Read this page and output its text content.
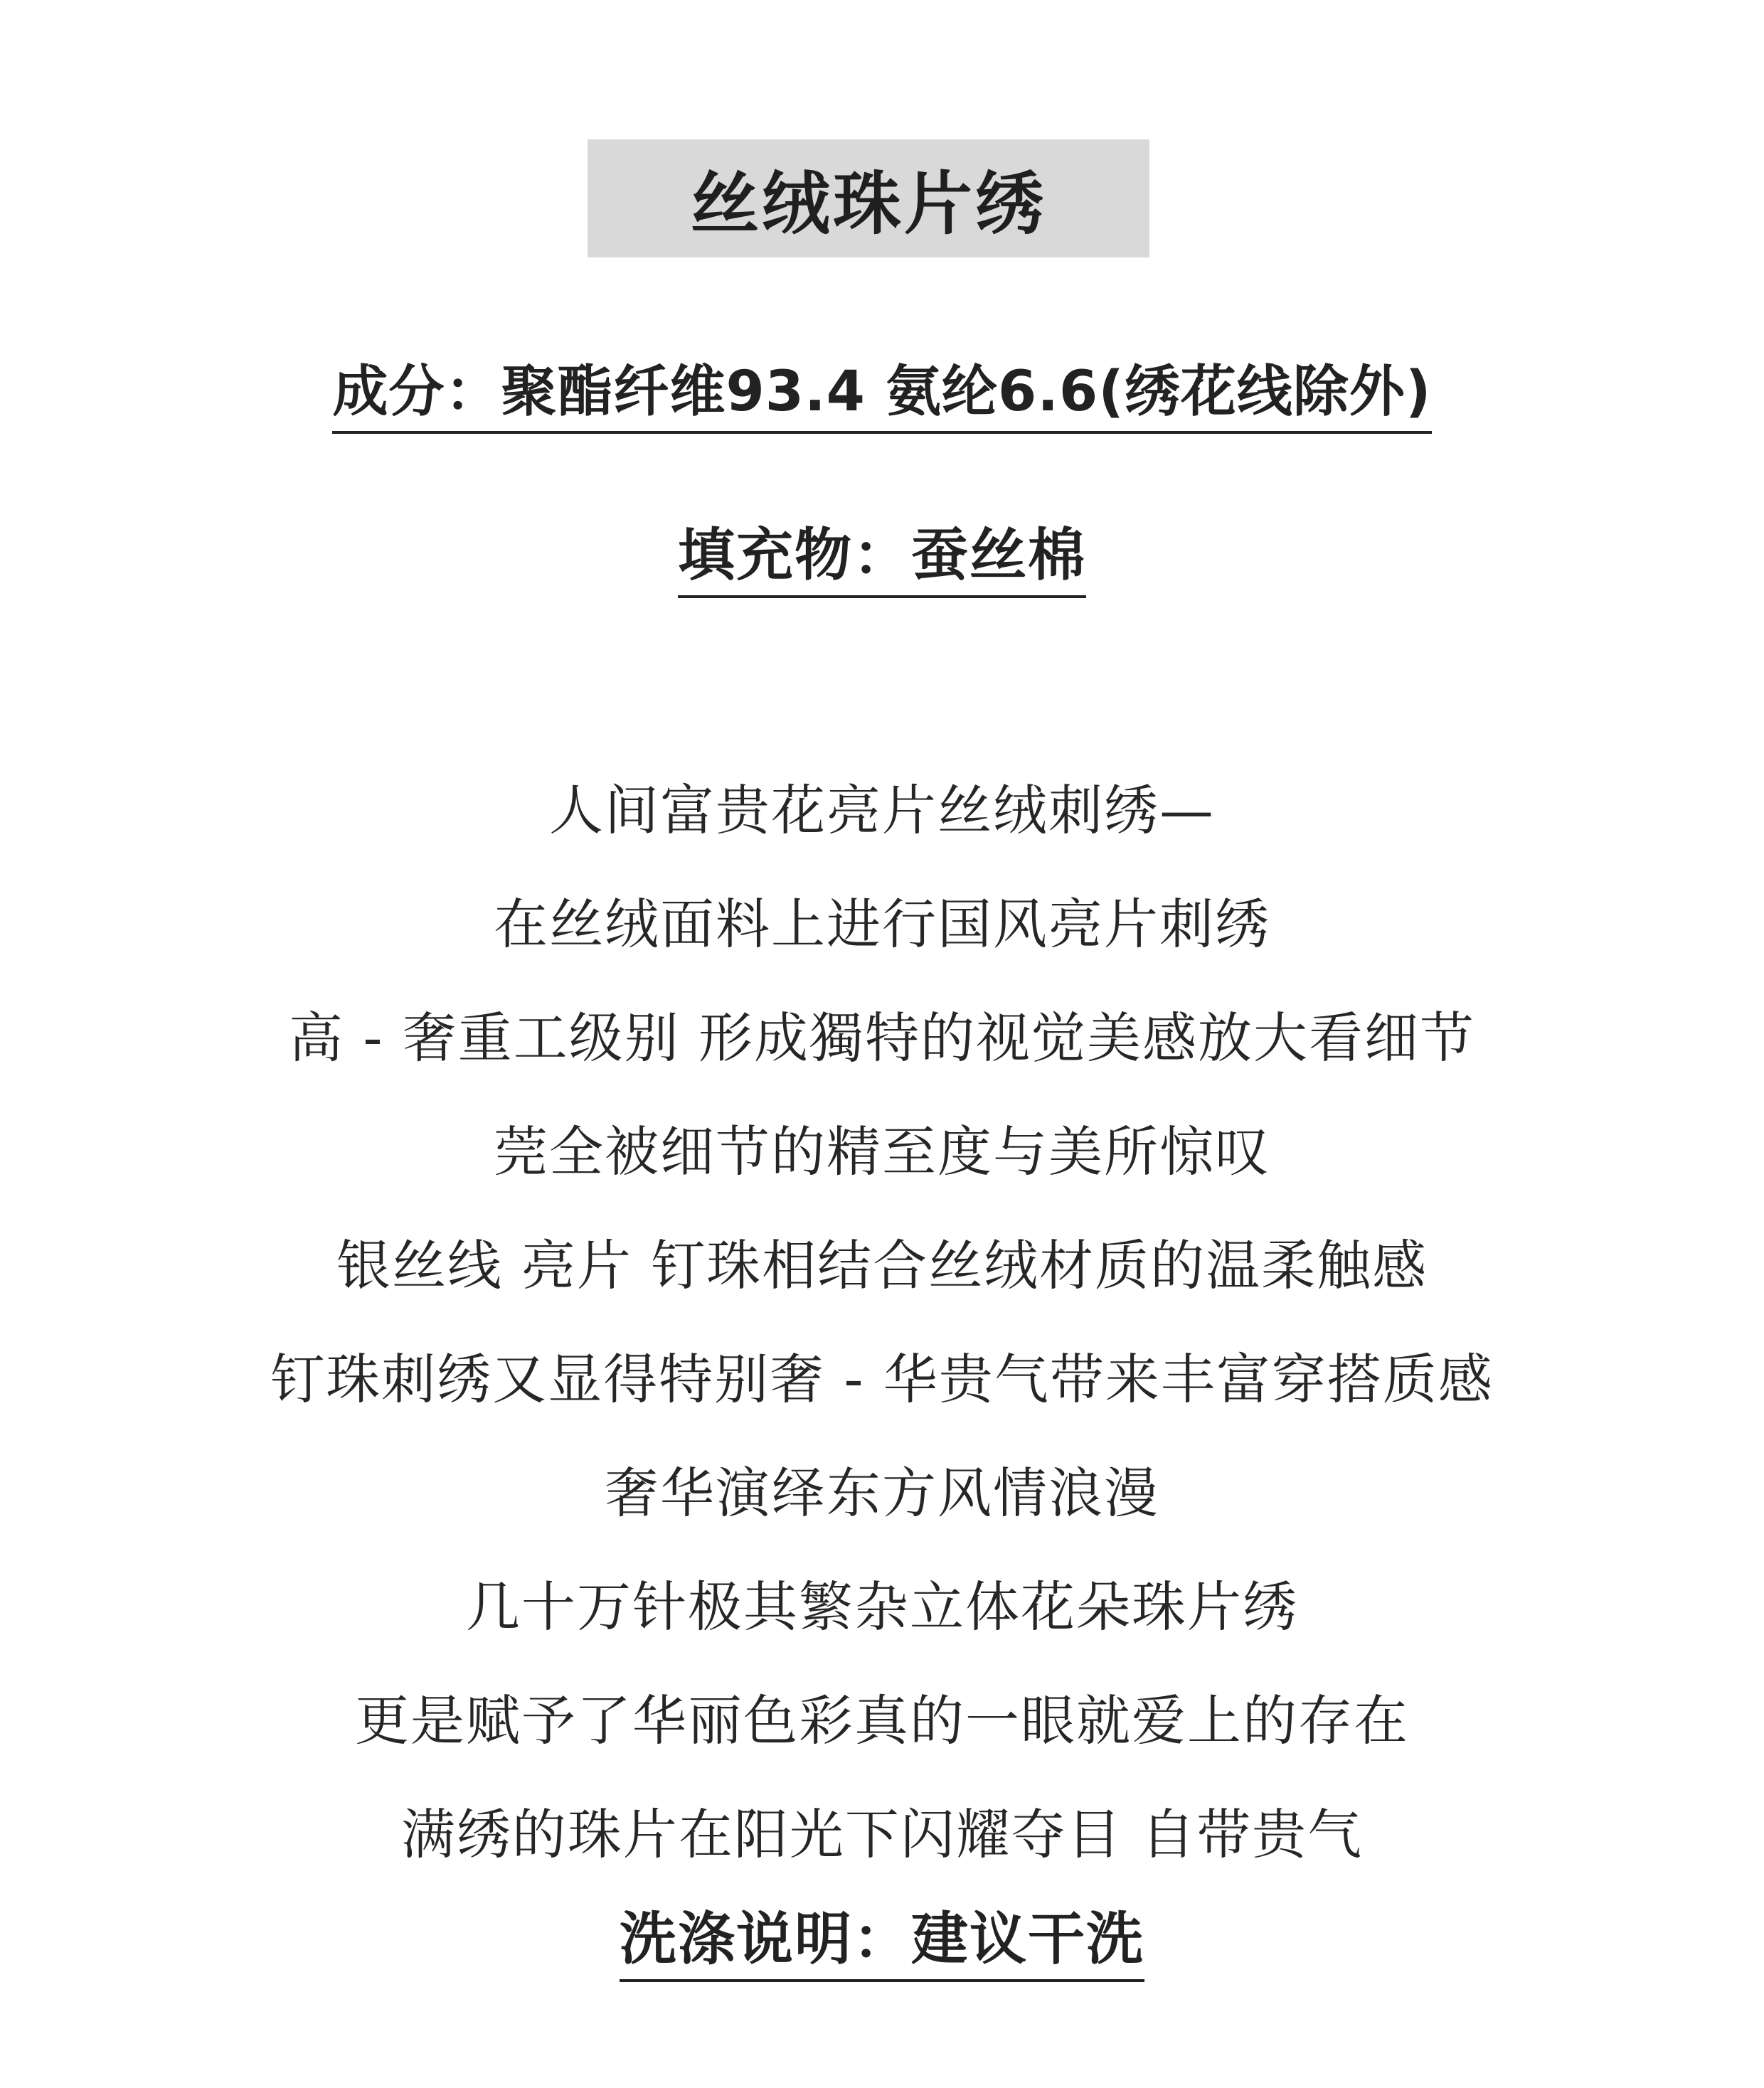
丝绒珠片绣
成分：聚酯纤维93.4 氨纶6.6(绣花线除外)
填充物：蚕丝棉
人间富贵花亮片丝绒刺绣—
在丝绒面料上进行国风亮片刺绣
高 - 奢重工级别 形成獨特的视觉美感放大看细节
莞全被细节的精至度与美所惊叹
银丝线 亮片 钉珠相结合丝绒材质的温柔触感
钉珠刺绣又显得特别奢 - 华贵气带来丰富穿搭质感
奢华演绎东方风情浪漫
几十万针极其繁杂立体花朵珠片绣
更是赋予了华丽色彩真的一眼就爱上的存在
满绣的珠片在阳光下闪耀夺目 自带贵气
洗涤说明：建议干洗
